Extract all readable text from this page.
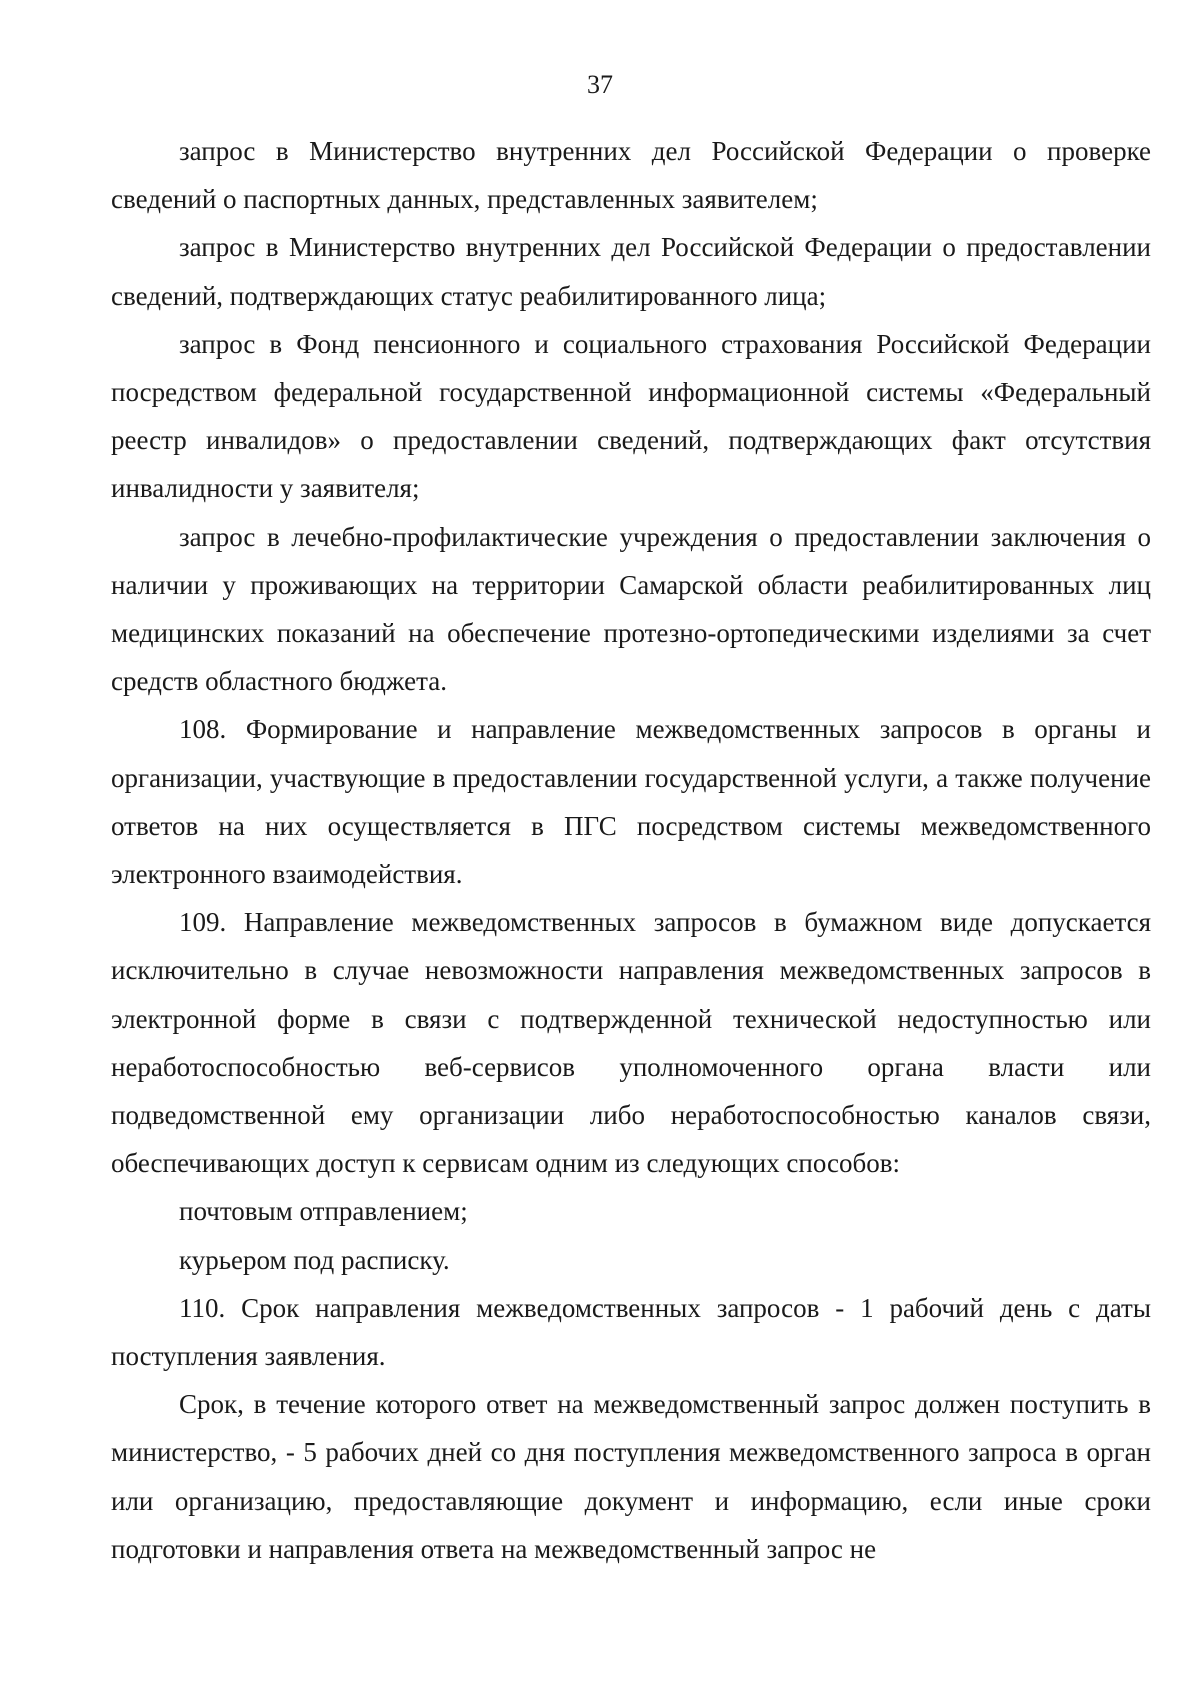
37

запрос в Министерство внутренних дел Российской Федерации о проверке сведений о паспортных данных, представленных заявителем;

запрос в Министерство внутренних дел Российской Федерации о предоставлении сведений, подтверждающих статус реабилитированного лица;

запрос в Фонд пенсионного и социального страхования Российской Федерации посредством федеральной государственной информационной системы «Федеральный реестр инвалидов» о предоставлении сведений, подтверждающих факт отсутствия инвалидности у заявителя;

запрос в лечебно-профилактические учреждения о предоставлении заключения о наличии у проживающих на территории Самарской области реабилитированных лиц медицинских показаний на обеспечение протезно-ортопедическими изделиями за счет средств областного бюджета.

108. Формирование и направление межведомственных запросов в органы и организации, участвующие в предоставлении государственной услуги, а также получение ответов на них осуществляется в ПГС посредством системы межведомственного электронного взаимодействия.

109. Направление межведомственных запросов в бумажном виде допускается исключительно в случае невозможности направления межведомственных запросов в электронной форме в связи с подтвержденной технической недоступностью или неработоспособностью веб-сервисов уполномоченного органа власти или подведомственной ему организации либо неработоспособностью каналов связи, обеспечивающих доступ к сервисам одним из следующих способов:

почтовым отправлением;

курьером под расписку.

110. Срок направления межведомственных запросов - 1 рабочий день с даты поступления заявления.

Срок, в течение которого ответ на межведомственный запрос должен поступить в министерство, - 5 рабочих дней со дня поступления межведомственного запроса в орган или организацию, предоставляющие документ и информацию, если иные сроки подготовки и направления ответа на межведомственный запрос не
